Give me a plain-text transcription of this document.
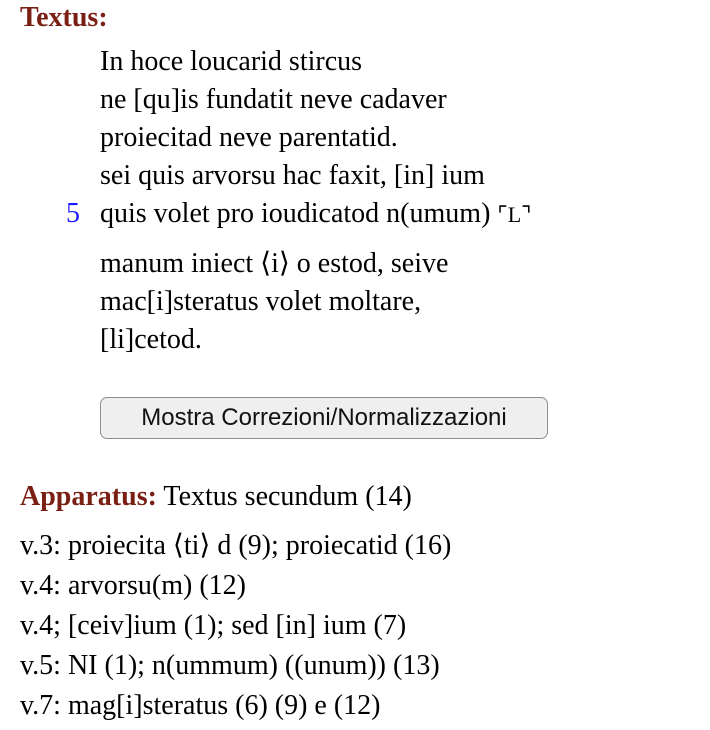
Textus:
In hoce loucarid stircus
ne [qu]is fundatit neve cadaver
proiecitad neve parentatid.
sei quis arvorsu hac faxit, [in] ium
5 quis volet pro ioudicatod n(umum) ⌜L⌝
manum iniect ⟨i⟩ o estod, seive
mac[i]steratus volet moltare,
[li]cetod.
Mostra Correzioni/Normalizzazioni
Apparatus: Textus secundum (14)
v.3: proiecita ⟨ti⟩ d (9); proiecatid (16)
v.4: arvorsu(m) (12)
v.4; [ceiv]ium (1); sed [in] ium (7)
v.5: NI (1); n(ummum) ((unum)) (13)
v.7: mag[i]steratus (6) (9) e (12)
